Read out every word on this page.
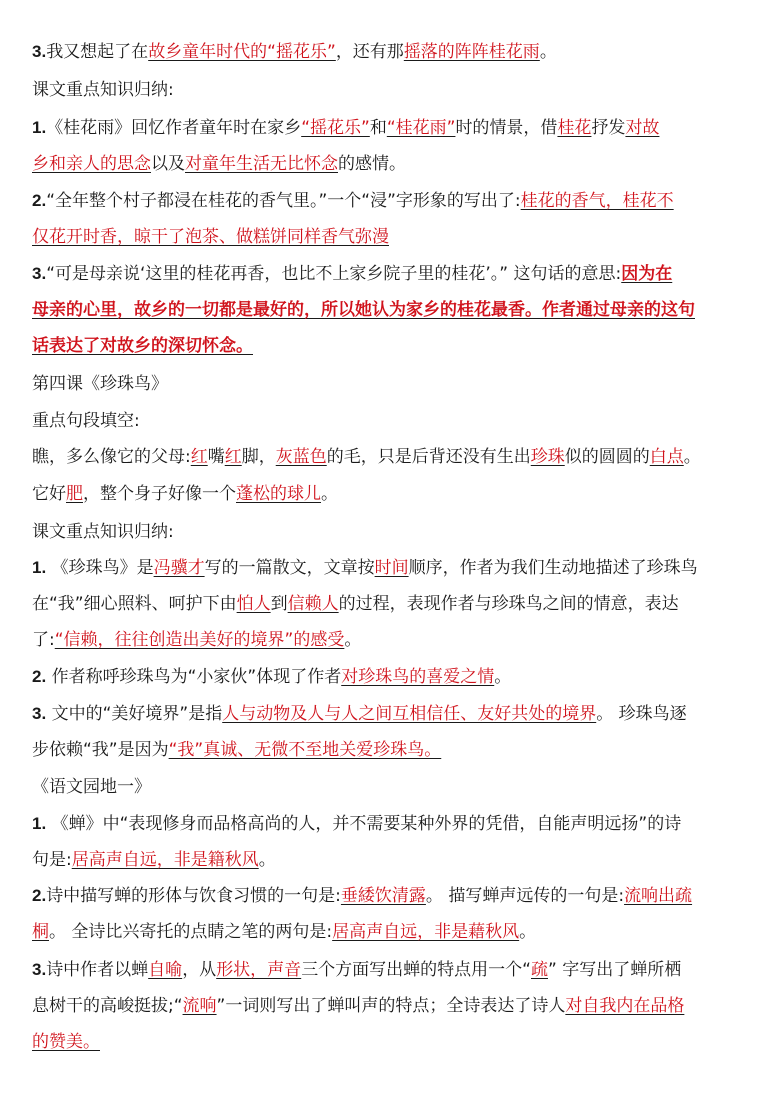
3.我又想起了在故乡童年时代的“摇花乐”，还有那摇落的阵阵桂花雨。
课文重点知识归纳:
1.《桂花雨》回忆作者童年时在家乡“摇花乐”和“桂花雨”时的情景，借桂花抒发对故
乡和亲人的思念以及对童年生活无比怀念的感情。
2.“全年整个村子都浸在桂花的香气里。”一个“浸”字形象的写出了:桂花的香气，桂花不
仅花开时香，晾干了泡茶、做糕饼同样香气弥漫
3.“可是母亲说‘这里的桂花再香，也比不上家乡院子里的桂花’。” 这句话的意思:因为在
母亲的心里，故乡的一切都是最好的，所以她认为家乡的桂花最香。作者通过母亲的这句
话表达了对故乡的深切怀念。
第四课《珍珠鸟》
重点句段填空:
瞧，多么像它的父母:红嘴红脚，灰蓝色的毛，只是后背还没有生出珍珠似的圆圆的白点。
它好肥，整个身子好像一个蓬松的球儿。
课文重点知识归纳:
1. 《珍珠鸟》是冯骥才写的一篇散文，文章按时间顺序，作者为我们生动地描述了珍珠鸟
在“我”细心照料、呵护下由怕人到信赖人的过程，表现作者与珍珠鸟之间的情意，表达
了:“信赖，往往创造出美好的境界”的感受。
2. 作者称呼珍珠鸟为“小家伙”体现了作者对珍珠鸟的喜爱之情。
3. 文中的“美好境界”是指人与动物及人与人之间互相信任、友好共处的境界。 珍珠鸟逐
步依赖“我”是因为“我”真诚、无微不至地关爱珍珠鸟。
《语文园地一》
1. 《蝉》中“表现修身而品格高尚的人，并不需要某种外界的凭借，自能声明远扬”的诗
句是:居高声自远，非是籍秋风。
2.诗中描写蝉的形体与饮食习惯的一句是:垂緌饮清露。 描写蝉声远传的一句是:流响出疏
桐。 全诗比兴寄托的点睛之笔的两句是:居高声自远，非是藉秋风。
3.诗中作者以蝉自喻，从形状，声音三个方面写出蝉的特点用一个“疏” 字写出了蝉所栖
息树干的高峻挺拔;“流响”一词则写出了蝉叫声的特点；全诗表达了诗人对自我内在品格
的赞美。
